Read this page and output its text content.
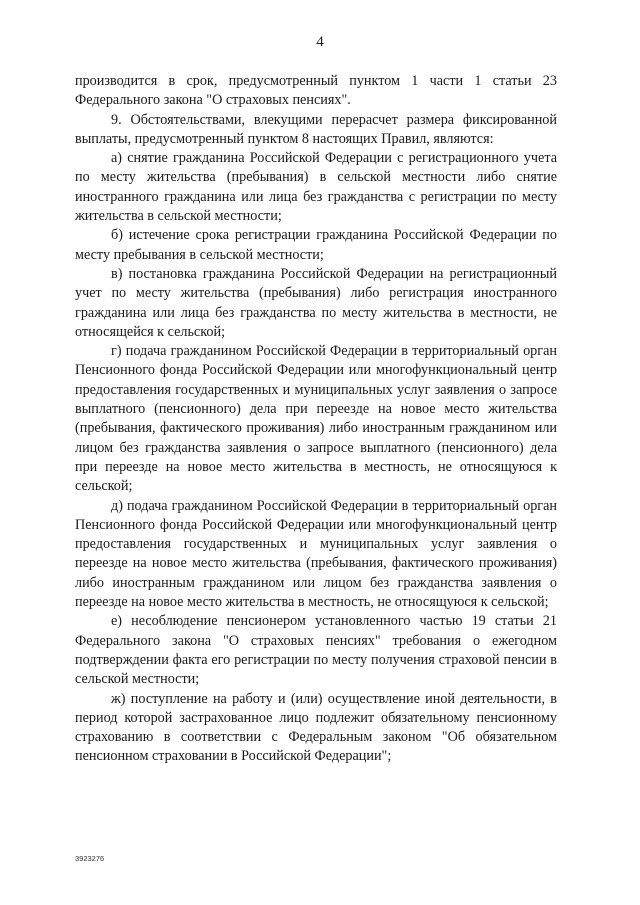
4

производится в срок, предусмотренный пунктом 1 части 1 статьи 23 Федерального закона "О страховых пенсиях".

9. Обстоятельствами, влекущими перерасчет размера фиксированной выплаты, предусмотренный пунктом 8 настоящих Правил, являются:

а) снятие гражданина Российской Федерации с регистрационного учета по месту жительства (пребывания) в сельской местности либо снятие иностранного гражданина или лица без гражданства с регистрации по месту жительства в сельской местности;

б) истечение срока регистрации гражданина Российской Федерации по месту пребывания в сельской местности;

в) постановка гражданина Российской Федерации на регистрационный учет по месту жительства (пребывания) либо регистрация иностранного гражданина или лица без гражданства по месту жительства в местности, не относящейся к сельской;

г) подача гражданином Российской Федерации в территориальный орган Пенсионного фонда Российской Федерации или многофункциональный центр предоставления государственных и муниципальных услуг заявления о запросе выплатного (пенсионного) дела при переезде на новое место жительства (пребывания, фактического проживания) либо иностранным гражданином или лицом без гражданства заявления о запросе выплатного (пенсионного) дела при переезде на новое место жительства в местность, не относящуюся к сельской;

д) подача гражданином Российской Федерации в территориальный орган Пенсионного фонда Российской Федерации или многофункциональный центр предоставления государственных и муниципальных услуг заявления о переезде на новое место жительства (пребывания, фактического проживания) либо иностранным гражданином или лицом без гражданства заявления о переезде на новое место жительства в местность, не относящуюся к сельской;

е) несоблюдение пенсионером установленного частью 19 статьи 21 Федерального закона "О страховых пенсиях" требования о ежегодном подтверждении факта его регистрации по месту получения страховой пенсии в сельской местности;

ж) поступление на работу и (или) осуществление иной деятельности, в период которой застрахованное лицо подлежит обязательному пенсионному страхованию в соответствии с Федеральным законом "Об обязательном пенсионном страховании в Российской Федерации";

3923276
